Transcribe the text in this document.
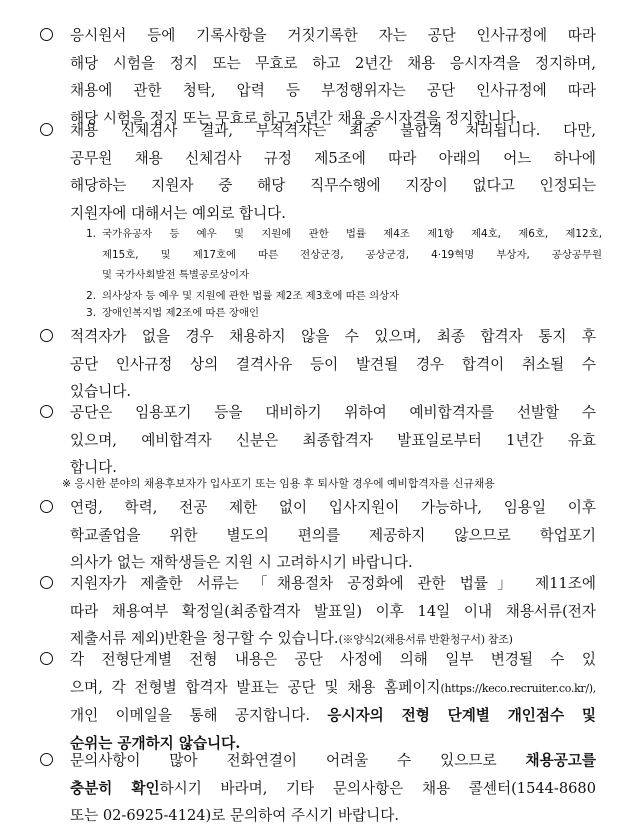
응시원서 등에 기록사항을 거짓기록한 자는 공단 인사규정에 따라
해당 시험을 정지 또는 무효로 하고 2년간 채용 응시자격을 정지하며,
채용에 관한 청탁, 압력 등 부정행위자는 공단 인사규정에 따라
해당 시험을 정지 또는 무효로 하고 5년간 채용 응시자격을 정지합니다.
채용 신체검사 결과, 부적격자는 최종 불합격 처리됩니다. 다만,
공무원 채용 신체검사 규정 제5조에 따라 아래의 어느 하나에
해당하는 지원자 중 해당 직무수행에 지장이 없다고 인정되는
지원자에 대해서는 예외로 합니다.
1. 국가유공자 등 예우 및 지원에 관한 법률 제4조 제1항 제4호, 제6호, 제12호,
제15호, 및 제17호에 따른 전상군경, 공상군경, 4·19혁명 부상자, 공상공무원
및 국가사회발전 특별공로상이자
2. 의사상자 등 예우 및 지원에 관한 법률 제2조 제3호에 따른 의상자
3. 장애인복지법 제2조에 따른 장애인
적격자가 없을 경우 채용하지 않을 수 있으며, 최종 합격자 통지 후
공단 인사규정 상의 결격사유 등이 발견될 경우 합격이 취소될 수
있습니다.
공단은 임용포기 등을 대비하기 위하여 예비합격자를 선발할 수
있으며, 예비합격자 신분은 최종합격자 발표일로부터 1년간 유효
합니다.
※ 응시한 분야의 채용후보자가 입사포기 또는 임용 후 퇴사할 경우에 예비합격자를 신규채용
연령, 학력, 전공 제한 없이 입사지원이 가능하나, 임용일 이후
학교졸업을 위한 별도의 편의를 제공하지 않으므로 학업포기
의사가 없는 재학생들은 지원 시 고려하시기 바랍니다.
지원자가 제출한 서류는 「채용절차 공정화에 관한 법률」 제11조에
따라 채용여부 확정일(최종합격자 발표일) 이후 14일 이내 채용서류(전자
제출서류 제외)반환을 청구할 수 있습니다.(※양식2(채용서류 반환청구서) 참조)
각 전형단계별 전형 내용은 공단 사정에 의해 일부 변경될 수 있
으며, 각 전형별 합격자 발표는 공단 및 채용 홈페이지(https://keco.recruiter.co.kr/),
개인 이메일을 통해 공지합니다. 응시자의 전형 단계별 개인점수 및
순위는 공개하지 않습니다.
문의사항이 많아 전화연결이 어려울 수 있으므로 채용공고를
충분히 확인하시기 바라며, 기타 문의사항은 채용 콜센터(1544-8680
또는 02-6925-4124)로 문의하여 주시기 바랍니다.
